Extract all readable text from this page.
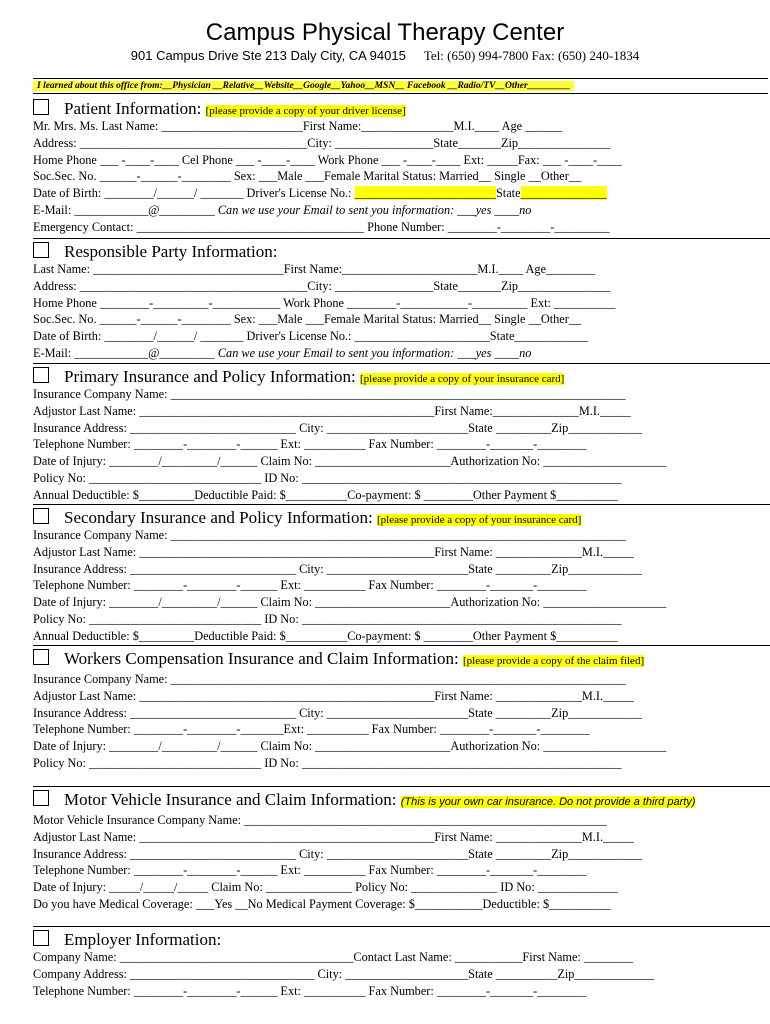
Campus Physical Therapy Center
901 Campus Drive Ste 213 Daly City, CA 94015 Tel: (650) 994-7800 Fax: (650) 240-1834
I learned about this office from:__Physician __Relative__Website__Google__Yahoo__MSN__ Facebook __Radio/TV__Other_________
Patient Information: [please provide a copy of your driver license]
Mr. Mrs. Ms. Last Name: _______________________First Name:_______________M.I.____ Age ______
Address: _____________________________________City: ________________State_______Zip_______________
Home Phone ___ -____-____ Cel Phone ___ -____-____ Work Phone ___ -____-____ Ext: _____Fax: ___ -____-____
Soc.Sec. No. ______-______-________ Sex: ___Male ___Female Marital Status: Married__ Single __Other__
Date of Birth: ________/______/ _______ Driver's License No.: _______________________State______________
E-Mail: ____________@_________ Can we use your Email to sent you information: ___yes ____no
Emergency Contact: _____________________________________ Phone Number: ________-________-_________
Responsible Party Information:
Last Name: _______________________________First Name:______________________M.I.____ Age________
Address: _____________________________________City: ________________State_______Zip_______________
Home Phone ________-_________-___________ Work Phone ________-___________-_________ Ext: __________
Soc.Sec. No. ______-______-________ Sex: ___Male ___Female Marital Status: Married__ Single __Other__
Date of Birth: ________/______/ _______ Driver's License No.: ______________________State____________
E-Mail: ____________@_________ Can we use your Email to sent you information: ___yes ____no
Primary Insurance and Policy Information: [please provide a copy of your insurance card]
Insurance Company Name: __________________________________________________________________________
Adjustor Last Name: ________________________________________________First Name:______________M.I._____
Insurance Address: ___________________________ City: _______________________State _________Zip____________
Telephone Number: ________-________-______ Ext: __________ Fax Number: ________-_______-________
Date of Injury: ________/_________/______ Claim No: ______________________Authorization No: ____________________
Policy No: ____________________________ ID No: ____________________________________________________
Annual Deductible: $_________Deductible Paid: $__________Co-payment: $ ________Other Payment $__________
Secondary Insurance and Policy Information: [please provide a copy of your insurance card]
Insurance Company Name: __________________________________________________________________________
Adjustor Last Name: ________________________________________________First Name: ______________M.I._____
Insurance Address: ___________________________ City: _______________________State _________Zip____________
Telephone Number: ________-________-______ Ext: __________ Fax Number: ________-_______-________
Date of Injury: ________/_________/______ Claim No: ______________________Authorization No: ____________________
Policy No: ____________________________ ID No: ____________________________________________________
Annual Deductible: $_________Deductible Paid: $__________Co-payment: $ ________Other Payment $__________
Workers Compensation Insurance and Claim Information: [please provide a copy of the claim filed]
Insurance Company Name: __________________________________________________________________________
Adjustor Last Name: ________________________________________________First Name: ______________M.I._____
Insurance Address: ___________________________ City: _______________________State _________Zip____________
Telephone Number: ________-________-_______Ext: __________ Fax Number: ________-_______-________
Date of Injury: ________/_________/______ Claim No: ______________________Authorization No: ____________________
Policy No: ____________________________ ID No: ____________________________________________________
Motor Vehicle Insurance and Claim Information: (This is your own car insurance. Do not provide a third party)
Motor Vehicle Insurance Company Name: ___________________________________________________________
Adjustor Last Name: ________________________________________________First Name: ______________M.I._____
Insurance Address: ___________________________ City: _______________________State _________Zip____________
Telephone Number: ________-________-______ Ext: __________ Fax Number: ________-_______-________
Date of Injury: _____/_____/_____ Claim No: ______________ Policy No: ______________ ID No: _____________
Do you have Medical Coverage: ___Yes __No Medical Payment Coverage: $___________Deductible: $__________
Employer Information:
Company Name: ______________________________________Contact Last Name: ___________First Name: ________
Company Address: ______________________________ City: ____________________State __________Zip_____________
Telephone Number: ________-________-______ Ext: __________ Fax Number: ________-_______-________
